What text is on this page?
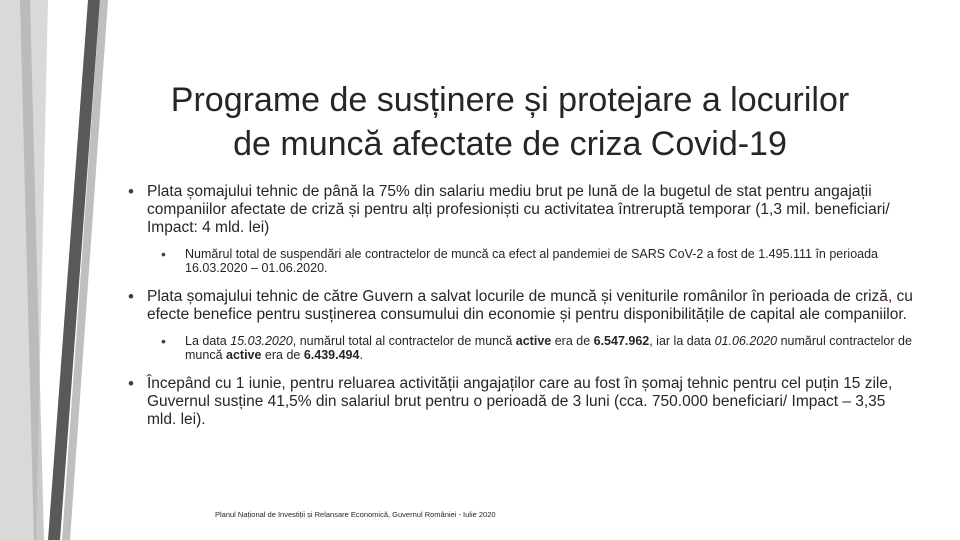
Programe de susținere și protejare a locurilor
de muncă afectate de criza Covid-19
• Plata șomajului tehnic de până la 75% din salariu mediu brut pe lună de la bugetul de stat pentru angajații companiilor afectate de criză și pentru alți profesioniști cu activitatea întreruptă temporar (1,3 mil. beneficiari/ Impact: 4 mld. lei)
• Numărul total de suspendări ale contractelor de muncă ca efect al pandemiei de SARS CoV-2 a fost de 1.495.111 în perioada 16.03.2020 – 01.06.2020.
• Plata șomajului tehnic de către Guvern a salvat locurile de muncă și veniturile românilor în perioada de criză, cu efecte benefice pentru susținerea consumului din economie și pentru disponibilitățile de capital ale companiilor.
• La data 15.03.2020, numărul total al contractelor de muncă active era de 6.547.962, iar la data 01.06.2020 numărul contractelor de muncă active era de 6.439.494.
• Începând cu 1 iunie, pentru reluarea activității angajaților care au fost în șomaj tehnic pentru cel puțin 15 zile, Guvernul susține 41,5% din salariul brut pentru o perioadă de 3 luni (cca. 750.000 beneficiari/ Impact – 3,35 mld. lei).
Planul Național de Investiții și Relansare Economică, Guvernul României - Iulie 2020
